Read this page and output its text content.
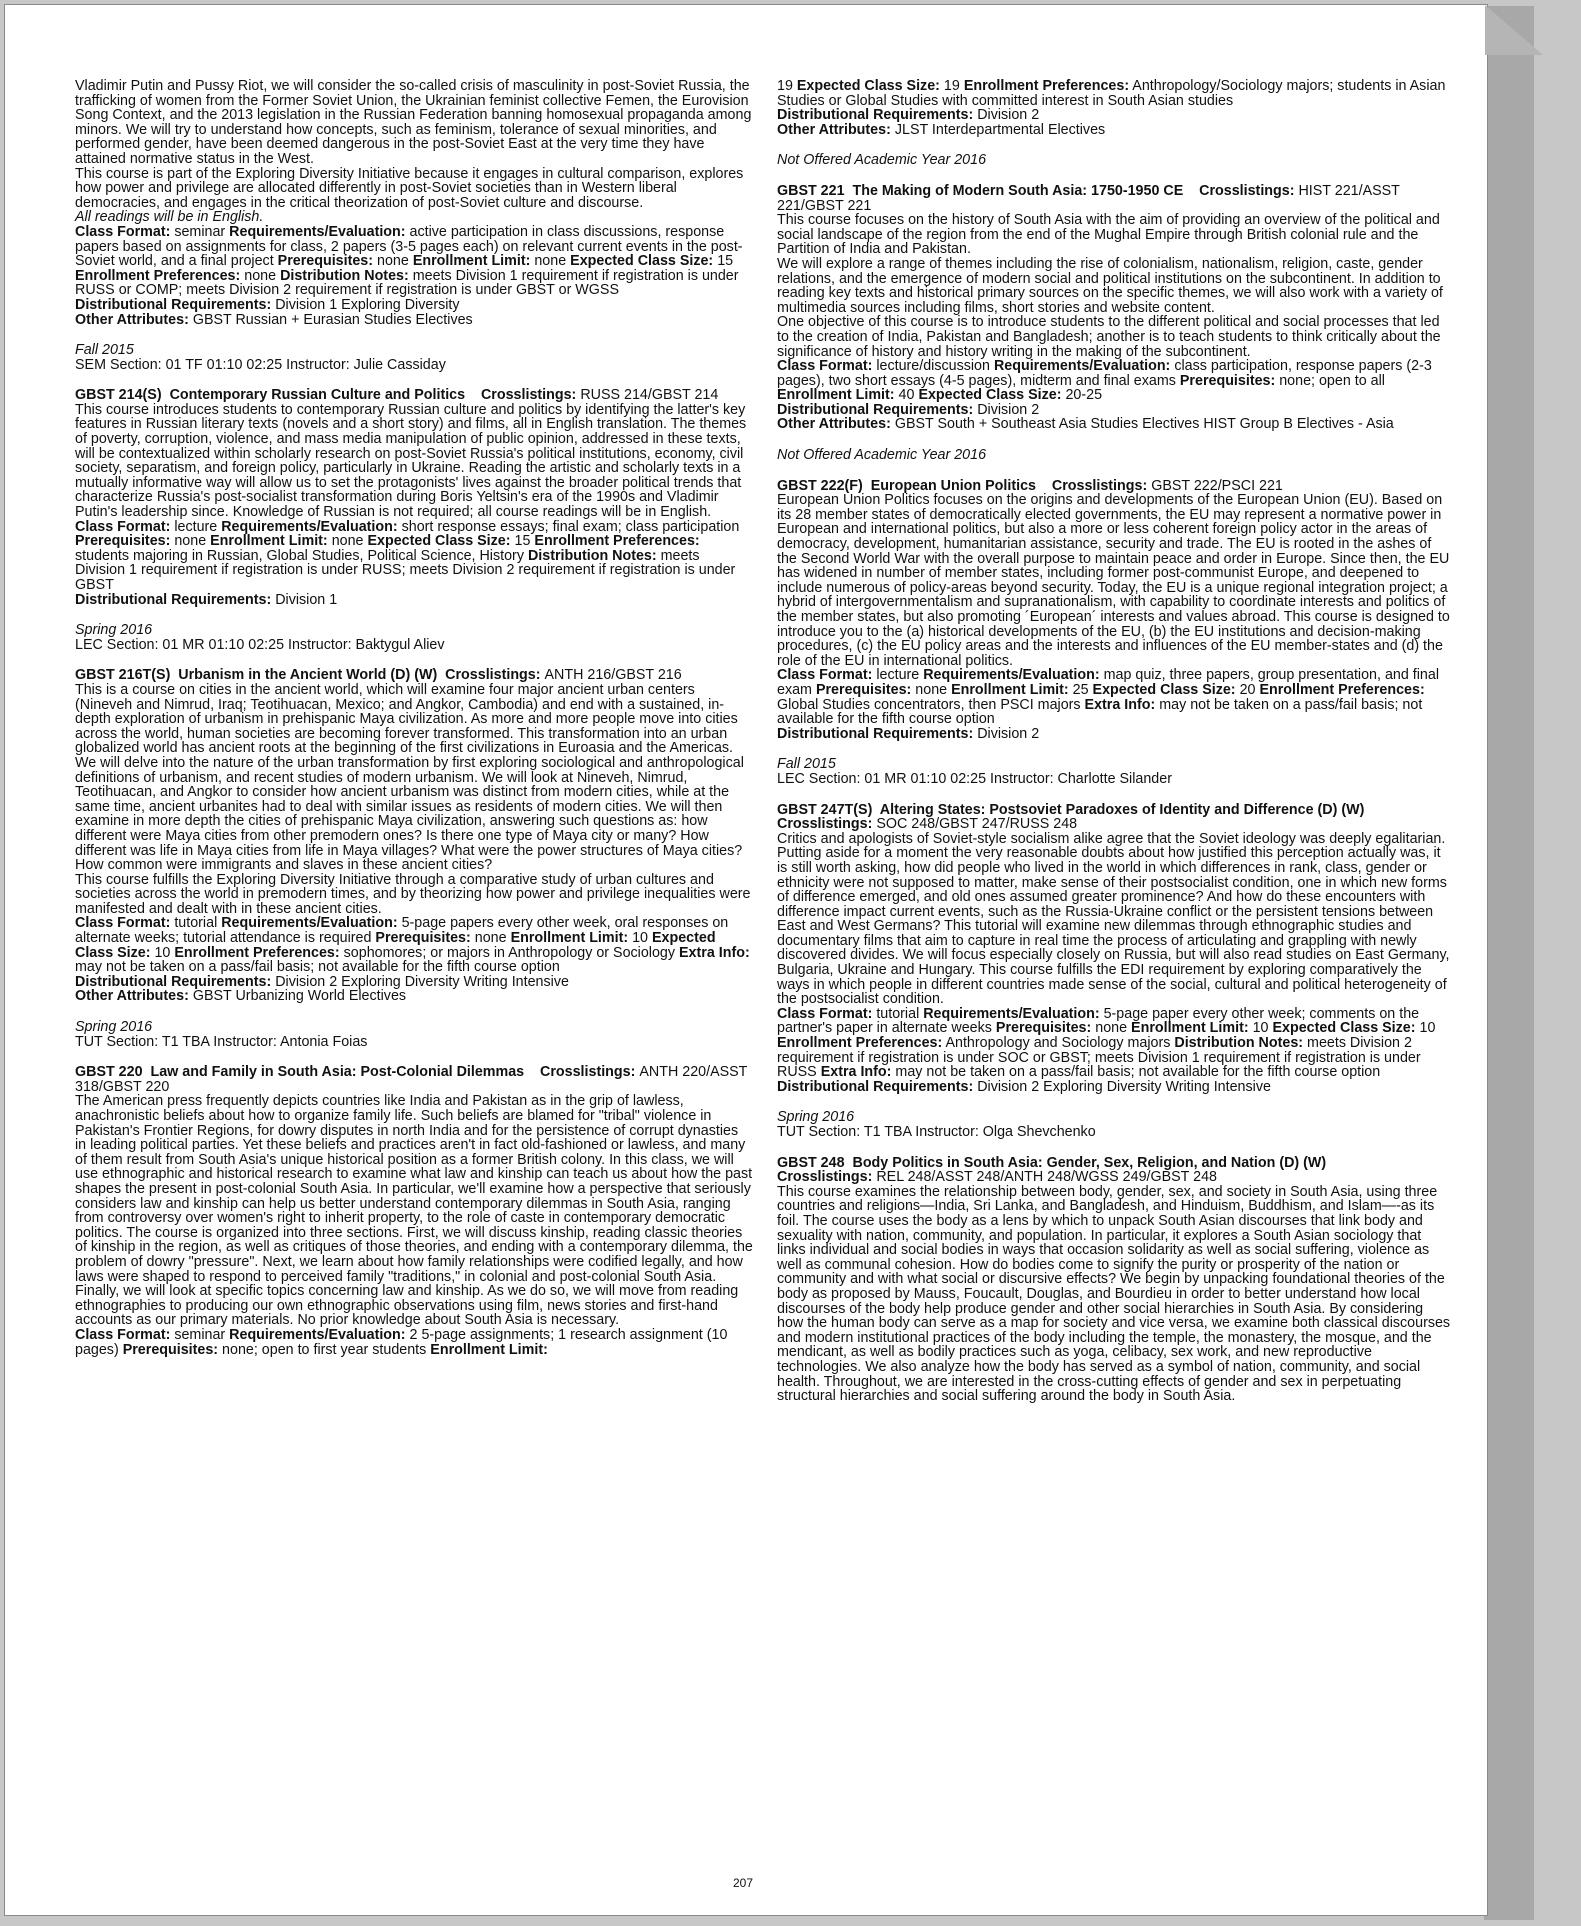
Vladimir Putin and Pussy Riot, we will consider the so-called crisis of masculinity in post-Soviet Russia, the trafficking of women from the Former Soviet Union, the Ukrainian feminist collective Femen, the Eurovision Song Context, and the 2013 legislation in the Russian Federation banning homosexual propaganda among minors. We will try to understand how concepts, such as feminism, tolerance of sexual minorities, and performed gender, have been deemed dangerous in the post-Soviet East at the very time they have attained normative status in the West.

This course is part of the Exploring Diversity Initiative because it engages in cultural comparison, explores how power and privilege are allocated differently in post-Soviet societies than in Western liberal democracies, and engages in the critical theorization of post-Soviet culture and discourse.

All readings will be in English.

Class Format: seminar Requirements/Evaluation: active participation in class discussions, response papers based on assignments for class, 2 papers (3-5 pages each) on relevant current events in the post-Soviet world, and a final project Prerequisites: none Enrollment Limit: none Expected Class Size: 15 Enrollment Preferences: none Distribution Notes: meets Division 1 requirement if registration is under RUSS or COMP; meets Division 2 requirement if registration is under GBST or WGSS

Distributional Requirements: Division 1 Exploring Diversity

Other Attributes: GBST Russian + Eurasian Studies Electives

Fall 2015

SEM Section: 01 TF 01:10 02:25 Instructor: Julie Cassiday

GBST 214(S) Contemporary Russian Culture and Politics Crosslistings: RUSS 214/GBST 214

This course introduces students to contemporary Russian culture and politics by identifying the latter's key features in Russian literary texts (novels and a short story) and films, all in English translation. The themes of poverty, corruption, violence, and mass media manipulation of public opinion, addressed in these texts, will be contextualized within scholarly research on post-Soviet Russia's political institutions, economy, civil society, separatism, and foreign policy, particularly in Ukraine. Reading the artistic and scholarly texts in a mutually informative way will allow us to set the protagonists' lives against the broader political trends that characterize Russia's post-socialist transformation during Boris Yeltsin's era of the 1990s and Vladimir Putin's leadership since. Knowledge of Russian is not required; all course readings will be in English.

Class Format: lecture Requirements/Evaluation: short response essays; final exam; class participation Prerequisites: none Enrollment Limit: none Expected Class Size: 15 Enrollment Preferences: students majoring in Russian, Global Studies, Political Science, History Distribution Notes: meets Division 1 requirement if registration is under RUSS; meets Division 2 requirement if registration is under GBST

Distributional Requirements: Division 1

Spring 2016

LEC Section: 01 MR 01:10 02:25 Instructor: Baktygul Aliev

GBST 216T(S) Urbanism in the Ancient World (D) (W) Crosslistings: ANTH 216/GBST 216

This is a course on cities in the ancient world, which will examine four major ancient urban centers (Nineveh and Nimrud, Iraq; Teotihuacan, Mexico; and Angkor, Cambodia) and end with a sustained, in-depth exploration of urbanism in prehispanic Maya civilization. As more and more people move into cities across the world, human societies are becoming forever transformed. This transformation into an urban globalized world has ancient roots at the beginning of the first civilizations in Euroasia and the Americas. We will delve into the nature of the urban transformation by first exploring sociological and anthropological definitions of urbanism, and recent studies of modern urbanism. We will look at Nineveh, Nimrud, Teotihuacan, and Angkor to consider how ancient urbanism was distinct from modern cities, while at the same time, ancient urbanites had to deal with similar issues as residents of modern cities. We will then examine in more depth the cities of prehispanic Maya civilization, answering such questions as: how different were Maya cities from other premodern ones? Is there one type of Maya city or many? How different was life in Maya cities from life in Maya villages? What were the power structures of Maya cities? How common were immigrants and slaves in these ancient cities?

This course fulfills the Exploring Diversity Initiative through a comparative study of urban cultures and societies across the world in premodern times, and by theorizing how power and privilege inequalities were manifested and dealt with in these ancient cities.

Class Format: tutorial Requirements/Evaluation: 5-page papers every other week, oral responses on alternate weeks; tutorial attendance is required Prerequisites: none Enrollment Limit: 10 Expected Class Size: 10 Enrollment Preferences: sophomores; or majors in Anthropology or Sociology Extra Info: may not be taken on a pass/fail basis; not available for the fifth course option

Distributional Requirements: Division 2 Exploring Diversity Writing Intensive

Other Attributes: GBST Urbanizing World Electives

Spring 2016

TUT Section: T1 TBA Instructor: Antonia Foias

GBST 220 Law and Family in South Asia: Post-Colonial Dilemmas Crosslistings: ANTH 220/ASST 318/GBST 220

The American press frequently depicts countries like India and Pakistan as in the grip of lawless, anachronistic beliefs about how to organize family life. Such beliefs are blamed for "tribal" violence in Pakistan's Frontier Regions, for dowry disputes in north India and for the persistence of corrupt dynasties in leading political parties. Yet these beliefs and practices aren't in fact old-fashioned or lawless, and many of them result from South Asia's unique historical position as a former British colony. In this class, we will use ethnographic and historical research to examine what law and kinship can teach us about how the past shapes the present in post-colonial South Asia. In particular, we'll examine how a perspective that seriously considers law and kinship can help us better understand contemporary dilemmas in South Asia, ranging from controversy over women's right to inherit property, to the role of caste in contemporary democratic politics. The course is organized into three sections. First, we will discuss kinship, reading classic theories of kinship in the region, as well as critiques of those theories, and ending with a contemporary dilemma, the problem of dowry "pressure". Next, we learn about how family relationships were codified legally, and how laws were shaped to respond to perceived family "traditions," in colonial and post-colonial South Asia. Finally, we will look at specific topics concerning law and kinship. As we do so, we will move from reading ethnographies to producing our own ethnographic observations using film, news stories and first-hand accounts as our primary materials. No prior knowledge about South Asia is necessary.

Class Format: seminar Requirements/Evaluation: 2 5-page assignments; 1 research assignment (10 pages) Prerequisites: none; open to first year students Enrollment Limit:

19 Expected Class Size: 19 Enrollment Preferences: Anthropology/Sociology majors; students in Asian Studies or Global Studies with committed interest in South Asian studies

Distributional Requirements: Division 2

Other Attributes: JLST Interdepartmental Electives

Not Offered Academic Year 2016

GBST 221 The Making of Modern South Asia: 1750-1950 CE Crosslistings: HIST 221/ASST 221/GBST 221

This course focuses on the history of South Asia with the aim of providing an overview of the political and social landscape of the region from the end of the Mughal Empire through British colonial rule and the Partition of India and Pakistan.

We will explore a range of themes including the rise of colonialism, nationalism, religion, caste, gender relations, and the emergence of modern social and political institutions on the subcontinent. In addition to reading key texts and historical primary sources on the specific themes, we will also work with a variety of multimedia sources including films, short stories and website content.

One objective of this course is to introduce students to the different political and social processes that led to the creation of India, Pakistan and Bangladesh; another is to teach students to think critically about the significance of history and history writing in the making of the subcontinent.

Class Format: lecture/discussion Requirements/Evaluation: class participation, response papers (2-3 pages), two short essays (4-5 pages), midterm and final exams Prerequisites: none; open to all Enrollment Limit: 40 Expected Class Size: 20-25

Distributional Requirements: Division 2

Other Attributes: GBST South + Southeast Asia Studies Electives HIST Group B Electives - Asia

Not Offered Academic Year 2016

GBST 222(F) European Union Politics Crosslistings: GBST 222/PSCI 221

European Union Politics focuses on the origins and developments of the European Union (EU). Based on its 28 member states of democratically elected governments, the EU may represent a normative power in European and international politics, but also a more or less coherent foreign policy actor in the areas of democracy, development, humanitarian assistance, security and trade. The EU is rooted in the ashes of the Second World War with the overall purpose to maintain peace and order in Europe. Since then, the EU has widened in number of member states, including former post-communist Europe, and deepened to include numerous of policy-areas beyond security. Today, the EU is a unique regional integration project; a hybrid of intergovernmentalism and supranationalism, with capability to coordinate interests and politics of the member states, but also promoting ´European´ interests and values abroad. This course is designed to introduce you to the (a) historical developments of the EU, (b) the EU institutions and decision-making procedures, (c) the EU policy areas and the interests and influences of the EU member-states and (d) the role of the EU in international politics.

Class Format: lecture Requirements/Evaluation: map quiz, three papers, group presentation, and final exam Prerequisites: none Enrollment Limit: 25 Expected Class Size: 20 Enrollment Preferences: Global Studies concentrators, then PSCI majors Extra Info: may not be taken on a pass/fail basis; not available for the fifth course option

Distributional Requirements: Division 2

Fall 2015

LEC Section: 01 MR 01:10 02:25 Instructor: Charlotte Silander

GBST 247T(S) Altering States: Postsoviet Paradoxes of Identity and Difference (D) (W) Crosslistings: SOC 248/GBST 247/RUSS 248

Critics and apologists of Soviet-style socialism alike agree that the Soviet ideology was deeply egalitarian. Putting aside for a moment the very reasonable doubts about how justified this perception actually was, it is still worth asking, how did people who lived in the world in which differences in rank, class, gender or ethnicity were not supposed to matter, make sense of their postsocialist condition, one in which new forms of difference emerged, and old ones assumed greater prominence? And how do these encounters with difference impact current events, such as the Russia-Ukraine conflict or the persistent tensions between East and West Germans? This tutorial will examine new dilemmas through ethnographic studies and documentary films that aim to capture in real time the process of articulating and grappling with newly discovered divides. We will focus especially closely on Russia, but will also read studies on East Germany, Bulgaria, Ukraine and Hungary. This course fulfills the EDI requirement by exploring comparatively the ways in which people in different countries made sense of the social, cultural and political heterogeneity of the postsocialist condition.

Class Format: tutorial Requirements/Evaluation: 5-page paper every other week; comments on the partner's paper in alternate weeks Prerequisites: none Enrollment Limit: 10 Expected Class Size: 10 Enrollment Preferences: Anthropology and Sociology majors Distribution Notes: meets Division 2 requirement if registration is under SOC or GBST; meets Division 1 requirement if registration is under RUSS Extra Info: may not be taken on a pass/fail basis; not available for the fifth course option

Distributional Requirements: Division 2 Exploring Diversity Writing Intensive

Spring 2016

TUT Section: T1 TBA Instructor: Olga Shevchenko

GBST 248 Body Politics in South Asia: Gender, Sex, Religion, and Nation (D) (W)
Crosslistings: REL 248/ASST 248/ANTH 248/WGSS 249/GBST 248

This course examines the relationship between body, gender, sex, and society in South Asia, using three countries and religions—India, Sri Lanka, and Bangladesh, and Hinduism, Buddhism, and Islam—-as its foil. The course uses the body as a lens by which to unpack South Asian discourses that link body and sexuality with nation, community, and population. In particular, it explores a South Asian sociology that links individual and social bodies in ways that occasion solidarity as well as social suffering, violence as well as communal cohesion. How do bodies come to signify the purity or prosperity of the nation or community and with what social or discursive effects? We begin by unpacking foundational theories of the body as proposed by Mauss, Foucault, Douglas, and Bourdieu in order to better understand how local discourses of the body help produce gender and other social hierarchies in South Asia. By considering how the human body can serve as a map for society and vice versa, we examine both classical discourses and modern institutional practices of the body including the temple, the monastery, the mosque, and the mendicant, as well as bodily practices such as yoga, celibacy, sex work, and new reproductive technologies. We also analyze how the body has served as a symbol of nation, community, and social health. Throughout, we are interested in the cross-cutting effects of gender and sex in perpetuating structural hierarchies and social suffering around the body in South Asia.

207
